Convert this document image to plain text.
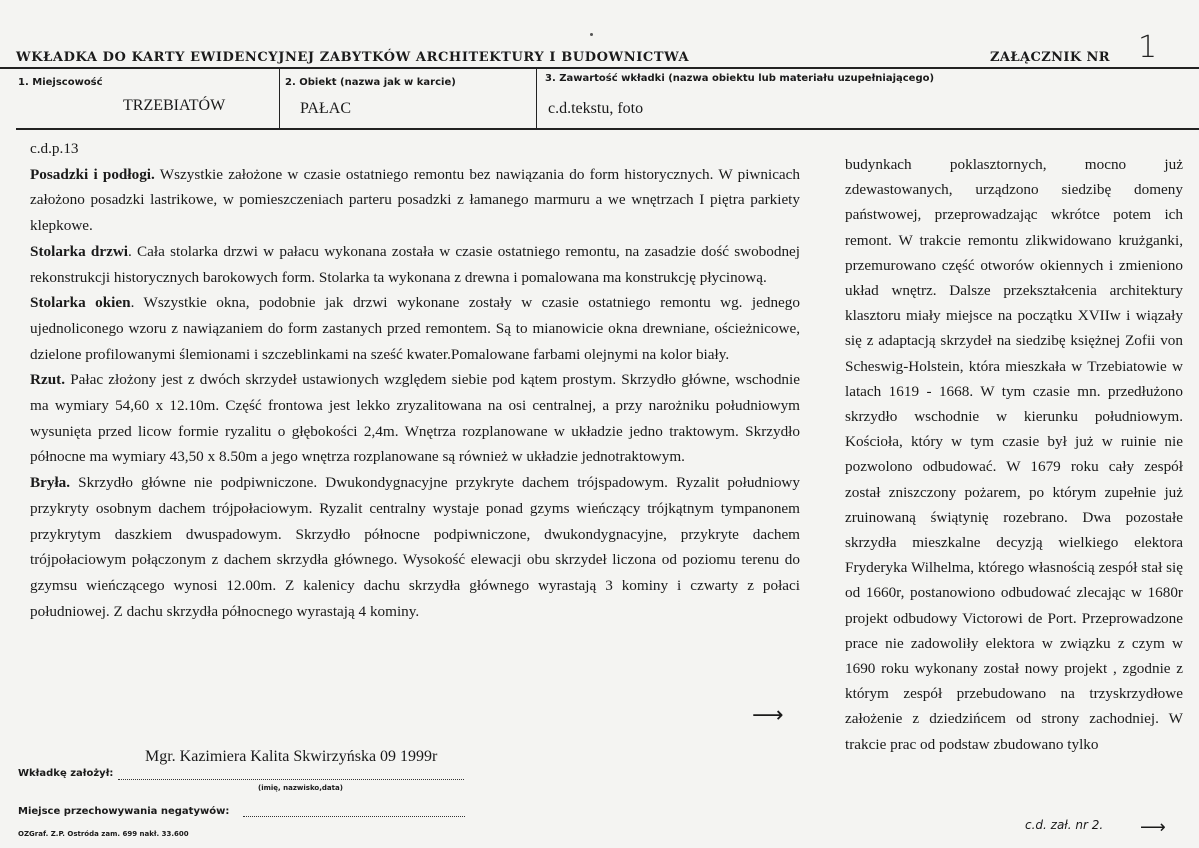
WKŁADKA DO KARTY EWIDENCYJNEJ ZABYTKÓW ARCHITEKTURY I BUDOWNICTWA	ZAŁĄCZNIK NR 1
1. Miejscowość
TRZEBIATÓW
2. Obiekt (nazwa jak w karcie)
PAŁAC
3. Zawartość wkładki (nazwa obiektu lub materiału uzupełniającego)
c.d.tekstu, foto

c.d.p.13

Posadzki i podłogi. Wszystkie założone w czasie ostatniego remontu bez nawiązania do form historycznych. W piwnicach założono posadzki lastrikowe, w pomieszczeniach parteru posadzki z łamanego marmuru a we wnętrzach I piętra parkiety klepkowe.

Stolarka drzwi. Cała stolarka drzwi w pałacu wykonana została w czasie ostatniego remontu, na zasadzie dość swobodnej rekonstrukcji historycznych barokowych form. Stolarka ta wykonana z drewna i pomalowana ma konstrukcję płycinową.

Stolarka okien. Wszystkie okna, podobnie jak drzwi wykonane zostały w czasie ostatniego remontu wg. jednego ujednoliconego wzoru z nawiązaniem do form zastanych przed remontem. Są to mianowicie okna drewniane, ościeżnicowe, dzielone profilowanymi ślemionami i szczeblinkami na sześć kwater.Pomalowane farbami olejnymi na kolor biały.

Rzut. Pałac złożony jest z dwóch skrzydeł ustawionych względem siebie pod kątem prostym. Skrzydło główne, wschodnie ma wymiary 54,60 x 12.10m. Część frontowa jest lekko zryzalitowana na osi centralnej, a przy narożniku południowym wysunięta przed licow formie ryzalitu o głębokości 2,4m. Wnętrza rozplanowane w układzie jedno traktowym. Skrzydło północne ma wymiary 43,50 x 8.50m a jego wnętrza rozplanowane są również w układzie jednotraktowym.

Bryła. Skrzydło główne nie podpiwniczone. Dwukondygnacyjne przykryte dachem trójspadowym. Ryzalit południowy przykryty osobnym dachem trójpołaciowym. Ryzalit centralny wystaje ponad gzyms wieńczący trójkątnym tympanonem przykrytym daszkiem dwuspadowym. Skrzydło północne podpiwniczone, dwukondygnacyjne, przykryte dachem trójpołaciowym połączonym z dachem skrzydła głównego. Wysokość elewacji obu skrzydeł liczona od poziomu terenu do gzymsu wieńczącego wynosi 12.00m. Z kalenicy dachu skrzydła głównego wyrastają 3 kominy i czwarty z połaci południowej. Z dachu skrzydła północnego wyrastają 4 kominy.

⟶

budynkach poklasztornych, mocno już zdewastowanych, urządzono siedzibę domeny państwowej, przeprowadzając wkrótce potem ich remont. W trakcie remontu zlikwidowano krużganki, przemurowano część otworów okiennych i zmieniono układ wnętrz. Dalsze przekształcenia architektury klasztoru miały miejsce na początku XVIIw i wiązały się z adaptacją skrzydeł na siedzibę księżnej Zofii von Scheswig-Holstein, która mieszkała w Trzebiatowie w latach 1619 - 1668. W tym czasie mn. przedłużono skrzydło wschodnie w kierunku południowym. Kościoła, który w tym czasie był już w ruinie nie pozwolono odbudować. W 1679 roku cały zespół został zniszczony pożarem, po którym zupełnie już zruinowaną świątynię rozebrano. Dwa pozostałe skrzydła mieszkalne decyzją wielkiego elektora Fryderyka Wilhelma, którego własnością zespół stał się od 1660r, postanowiono odbudować zlecając w 1680r projekt odbudowy Victorowi de Port. Przeprowadzone prace nie zadowoliły elektora w związku z czym w 1690 roku wykonany został nowy projekt , zgodnie z którym zespół przebudowano na trzyskrzydłowe założenie z dziedzińcem od strony zachodniej. W trakcie prac od podstaw zbudowano tylko

Wkładkę założył:
Mgr. Kazimiera Kalita Skwirzyńska 09 1999r
(imię, nazwisko,data)
Miejsce przechowywania negatywów:
OZGraf. Z.P. Ostróda zam. 699 nakł. 33.600
c.d. zał. nr 2. ⟶
